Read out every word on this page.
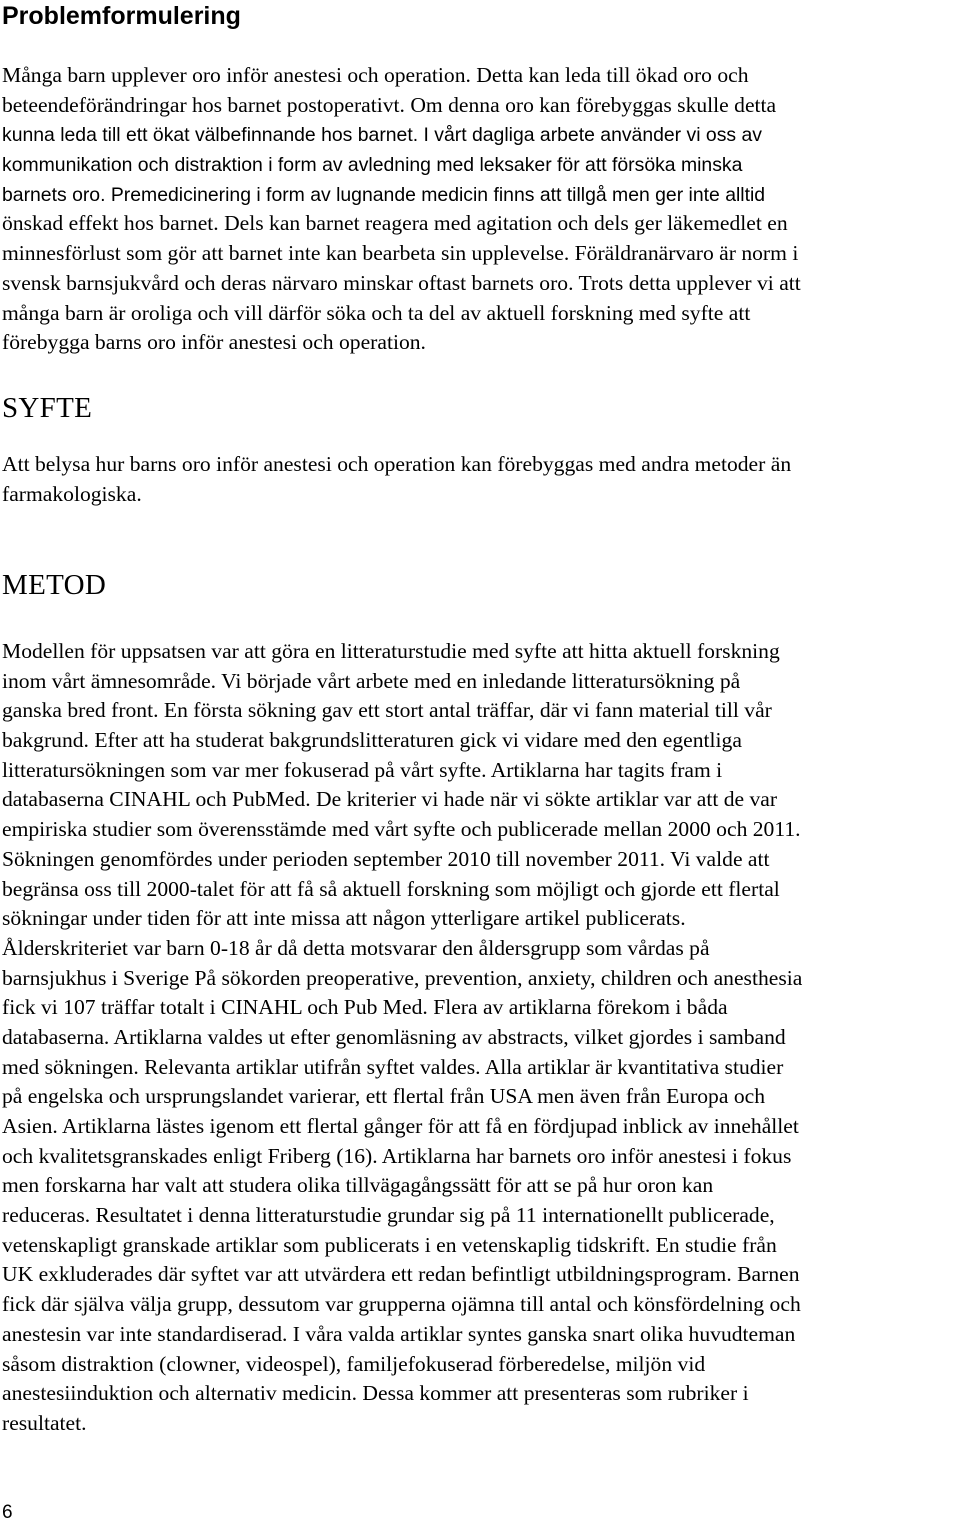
Problemformulering
Många barn upplever oro inför anestesi och operation. Detta kan leda till ökad oro och
beteendeförändringar hos barnet postoperativt. Om denna oro kan förebyggas skulle detta
kunna leda till ett ökat välbefinnande hos barnet. I vårt dagliga arbete använder vi oss av
kommunikation och distraktion i form av avledning med leksaker för att försöka minska
barnets oro. Premedicinering i form av lugnande medicin finns att tillgå men ger inte alltid
önskad effekt hos barnet. Dels kan barnet reagera med agitation och dels ger läkemedlet en
minnesförlust som gör att barnet inte kan bearbeta sin upplevelse. Föräldranärvaro är norm i
svensk barnsjukvård och deras närvaro minskar oftast barnets oro. Trots detta upplever vi att
många barn är oroliga och vill därför söka och ta del av aktuell forskning med syfte att
förebygga barns oro inför anestesi och operation.
SYFTE
Att belysa hur barns oro inför anestesi och operation kan förebyggas med andra metoder än
farmakologiska.
METOD
Modellen för uppsatsen var att göra en litteraturstudie med syfte att hitta aktuell forskning
inom vårt ämnesområde. Vi började vårt arbete med en inledande litteratursökning på
ganska bred front. En första sökning gav ett stort antal träffar, där vi fann material till vår
bakgrund. Efter att ha studerat bakgrundslitteraturen gick vi vidare med den egentliga
litteratursökningen som var mer fokuserad på vårt syfte. Artiklarna har tagits fram i
databaserna CINAHL och PubMed. De kriterier vi hade när vi sökte artiklar var att de var
empiriska studier som överensstämde med vårt syfte och publicerade mellan 2000 och 2011.
Sökningen genomfördes under perioden september 2010 till november 2011. Vi valde att
begränsa oss till 2000-talet för att få så aktuell forskning som möjligt och gjorde ett flertal
sökningar under tiden för att inte missa att någon ytterligare artikel publicerats.
Ålderskriteriet var barn 0-18 år då detta motsvarar den åldersgrupp som vårdas på
barnsjukhus i Sverige På sökorden preoperative, prevention, anxiety, children och anesthesia
fick vi 107 träffar totalt i CINAHL och Pub Med. Flera av artiklarna förekom i båda
databaserna. Artiklarna valdes ut efter genomläsning av abstracts, vilket gjordes i samband
med sökningen. Relevanta artiklar utifrån syftet valdes. Alla artiklar är kvantitativa studier
på engelska och ursprungslandet varierar, ett flertal från USA men även från Europa och
Asien. Artiklarna lästes igenom ett flertal gånger för att få en fördjupad inblick av innehållet
och kvalitetsgranskades enligt Friberg (16). Artiklarna har barnets oro inför anestesi i fokus
men forskarna har valt att studera olika tillvägagångssätt för att se på hur oron kan
reduceras. Resultatet i denna litteraturstudie grundar sig på 11 internationellt publicerade,
vetenskapligt granskade artiklar som publicerats i en vetenskaplig tidskrift. En studie från
UK exkluderades där syftet var att utvärdera ett redan befintligt utbildningsprogram. Barnen
fick där själva välja grupp, dessutom var grupperna ojämna till antal och könsfördelning och
anestesin var inte standardiserad. I våra valda artiklar syntes ganska snart olika huvudteman
såsom distraktion (clowner, videospel), familjefokuserad förberedelse, miljön vid
anestesiinduktion och alternativ medicin. Dessa kommer att presenteras som rubriker i
resultatet.
6
